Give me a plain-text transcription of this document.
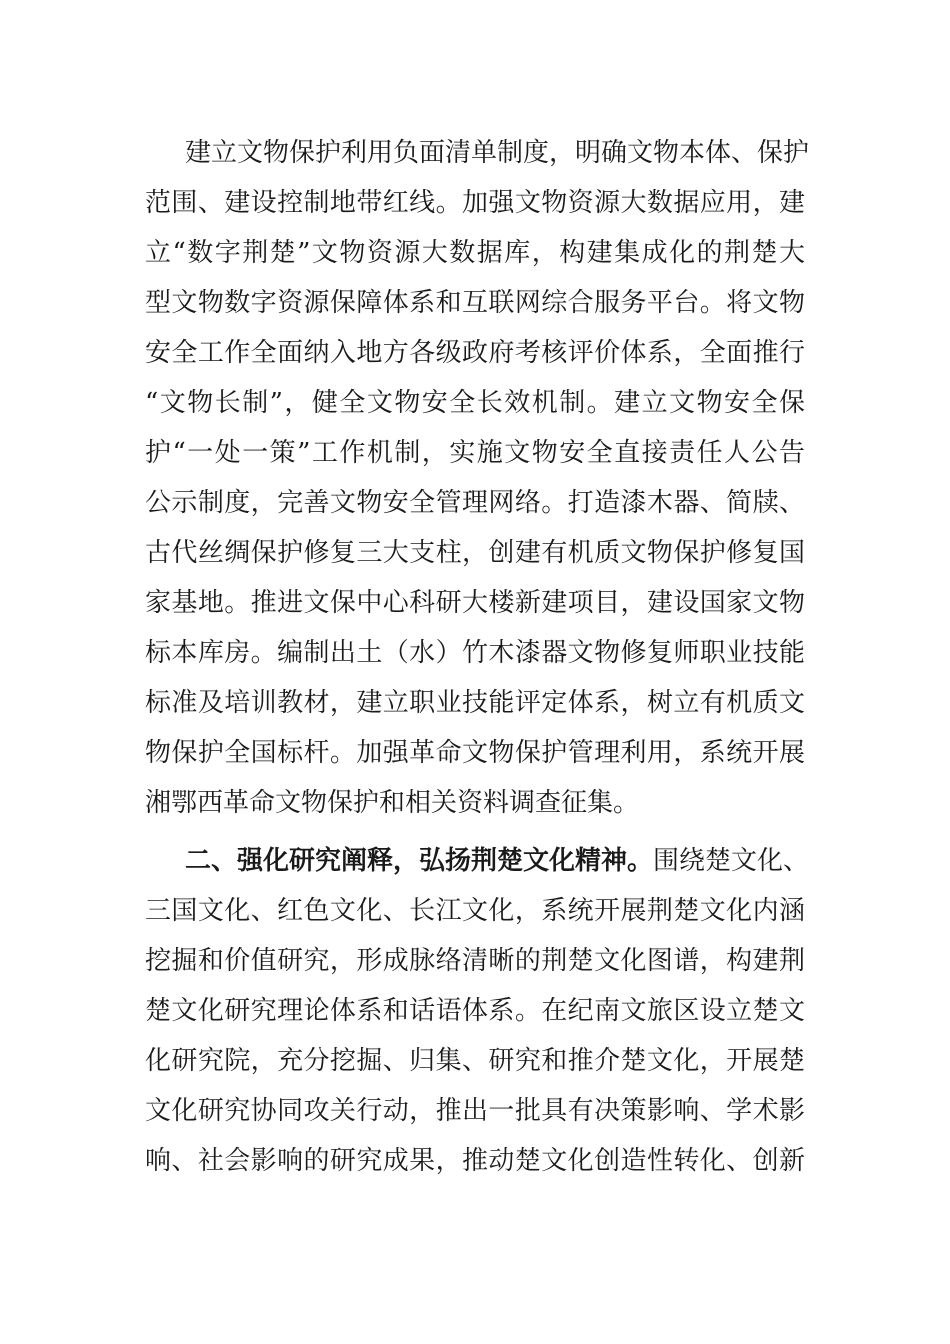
建立文物保护利用负面清单制度，明确文物本体、保护
范围、建设控制地带红线。加强文物资源大数据应用，建
立“数字荆楚”文物资源大数据库，构建集成化的荆楚大
型文物数字资源保障体系和互联网综合服务平台。将文物
安全工作全面纳入地方各级政府考核评价体系，全面推行
“文物长制”，健全文物安全长效机制。建立文物安全保
护“一处一策”工作机制，实施文物安全直接责任人公告
公示制度，完善文物安全管理网络。打造漆木器、简牍、
古代丝绸保护修复三大支柱，创建有机质文物保护修复国
家基地。推进文保中心科研大楼新建项目，建设国家文物
标本库房。编制出土（水）竹木漆器文物修复师职业技能
标准及培训教材，建立职业技能评定体系，树立有机质文
物保护全国标杆。加强革命文物保护管理利用，系统开展
湘鄂西革命文物保护和相关资料调查征集。
二、强化研究阐释，弘扬荆楚文化精神。围绕楚文化、
三国文化、红色文化、长江文化，系统开展荆楚文化内涵
挖掘和价值研究，形成脉络清晰的荆楚文化图谱，构建荆
楚文化研究理论体系和话语体系。在纪南文旅区设立楚文
化研究院，充分挖掘、归集、研究和推介楚文化，开展楚
文化研究协同攻关行动，推出一批具有决策影响、学术影
响、社会影响的研究成果，推动楚文化创造性转化、创新
